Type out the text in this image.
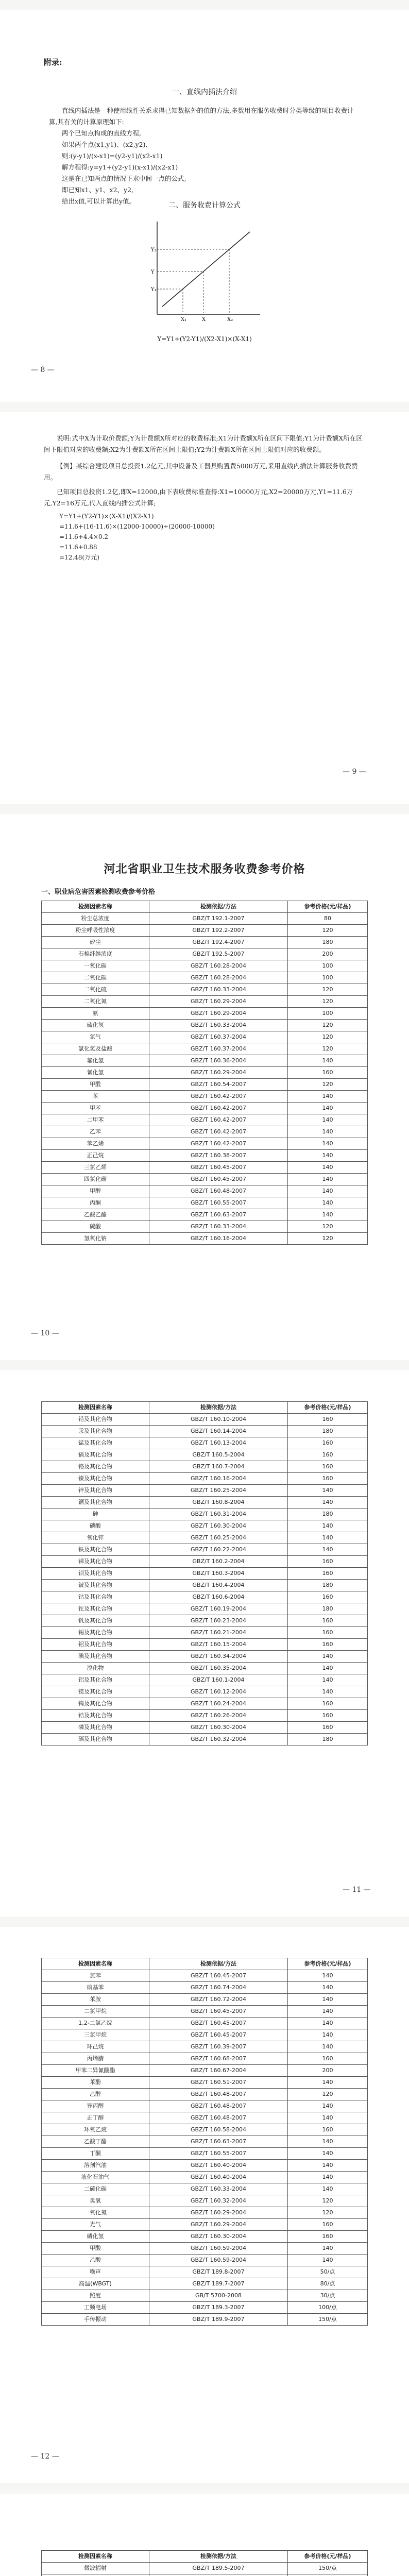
附录:

一、直线内插法介绍

直线内插法是一种使用线性关系求得已知数据外的值的方法,多数用在服务收费时分类等级的项目收费计算,其有关的计算原理如下:

两个已知点构成的直线方程,

如果两个点(x1,y1)、(x2,y2),

则:(y-y1)/(x-x1)=(y2-y1)/(x2-x1)

解方程得:y=y1+(y2-y1)(x-x1)/(x2-x1)

这是在已知两点的情况下求中间一点的公式,

即已知x1、y1、x2、y2,

给出x值,可以计算出y值。

二、服务收费计算公式

Y₁
Y
Y₂
X₁	X	X₂

Y=Y1+(Y2-Y1)/(X2-X1)×(X-X1)

— 8 —

说明:式中X为计取价费额;Y为计费额X所对应的收费标准;X1为计费额X所在区间下限值;Y1为计费额X所在区间下限值对应的收费额;X2为计费额X所在区间上限值;Y2为计费额X所在区间上限值对应的收费额。

【例】某综合建设项目总投资1.2亿元,其中设备及工器具购置费5000万元,采用直线内插法计算服务收费费用。

已知项目总投资1.2亿,即X=12000,由下表收费标准查得:X1=10000万元,X2=20000万元,Y1=11.6万元,Y2=16万元,代入直线内插公式计算;

Y=Y1+(Y2-Y1)×(X-X1)/(X2-X1)

=11.6+(16-11.6)×(12000-10000)÷(20000-10000)

=11.6+4.4×0.2

=11.6+0.88

=12.48(万元)

— 9 —

河北省职业卫生技术服务收费参考价格

一、职业病危害因素检测收费参考价格

检测因素名称	检测依据/方法	参考价格(元/样品)
粉尘总浓度	GBZ/T 192.1-2007	80
粉尘呼吸性浓度	GBZ/T 192.2-2007	120
矽尘	GBZ/T 192.4-2007	180
石棉纤维浓度	GBZ/T 192.5-2007	200
一氧化碳	GBZ/T 160.28-2004	100
二氧化碳	GBZ/T 160.28-2004	100
二氧化硫	GBZ/T 160.33-2004	120
二氧化氮	GBZ/T 160.29-2004	120
氨	GBZ/T 160.29-2004	100
硫化氢	GBZ/T 160.33-2004	120
氯气	GBZ/T 160.37-2004	120
氯化氢及盐酸	GBZ/T 160.37-2004	120
氟化氢	GBZ/T 160.36-2004	140
氰化氢	GBZ/T 160.29-2004	160
甲醛	GBZ/T 160.54-2007	120
苯	GBZ/T 160.42-2007	140
甲苯	GBZ/T 160.42-2007	140
二甲苯	GBZ/T 160.42-2007	140
乙苯	GBZ/T 160.42-2007	140
苯乙烯	GBZ/T 160.42-2007	140
正己烷	GBZ/T 160.38-2007	140
三氯乙烯	GBZ/T 160.45-2007	140
四氯化碳	GBZ/T 160.45-2007	140
甲醇	GBZ/T 160.48-2007	140
丙酮	GBZ/T 160.55-2007	140
乙酸乙酯	GBZ/T 160.63-2007	140
硫酸	GBZ/T 160.33-2004	120
氢氧化钠	GBZ/T 160.16-2004	120
— 10 —
检测因素名称	检测依据/方法	参考价格(元/样品)
铅及其化合物	GBZ/T 160.10-2004	160
汞及其化合物	GBZ/T 160.14-2004	180
锰及其化合物	GBZ/T 160.13-2004	160
镉及其化合物	GBZ/T 160.5-2004	160
铬及其化合物	GBZ/T 160.7-2004	160
镍及其化合物	GBZ/T 160.16-2004	160
锌及其化合物	GBZ/T 160.25-2004	140
铜及其化合物	GBZ/T 160.8-2004	140
砷	GBZ/T 160.31-2004	180
磷酸	GBZ/T 160.30-2004	140
氧化锌	GBZ/T 160.25-2004	140
铁及其化合物	GBZ/T 160.22-2004	140
锑及其化合物	GBZ/T 160.2-2004	160
钡及其化合物	GBZ/T 160.3-2004	160
铍及其化合物	GBZ/T 160.4-2004	180
钴及其化合物	GBZ/T 160.6-2004	160
铊及其化合物	GBZ/T 160.19-2004	180
钒及其化合物	GBZ/T 160.23-2004	160
锡及其化合物	GBZ/T 160.21-2004	160
钼及其化合物	GBZ/T 160.15-2004	160
碘及其化合物	GBZ/T 160.34-2004	140
溴化物	GBZ/T 160.35-2004	140
铝及其化合物	GBZ/T 160.1-2004	140
镁及其化合物	GBZ/T 160.12-2004	140
钨及其化合物	GBZ/T 160.24-2004	160
锆及其化合物	GBZ/T 160.26-2004	160
磷及其化合物	GBZ/T 160.30-2004	160
硒及其化合物	GBZ/T 160.32-2004	180
— 11 —
检测因素名称	检测依据/方法	参考价格(元/样品)
氯苯	GBZ/T 160.45-2007	140
硝基苯	GBZ/T 160.74-2004	140
苯胺	GBZ/T 160.72-2004	140
二氯甲烷	GBZ/T 160.45-2007	140
1,2-二氯乙烷	GBZ/T 160.45-2007	140
三氯甲烷	GBZ/T 160.45-2007	140
环己烷	GBZ/T 160.39-2007	140
丙烯腈	GBZ/T 160.68-2007	160
甲苯二异氰酸酯	GBZ/T 160.67-2004	200
苯酚	GBZ/T 160.51-2007	140
乙醇	GBZ/T 160.48-2007	120
异丙醇	GBZ/T 160.48-2007	140
正丁醇	GBZ/T 160.48-2007	140
环氧乙烷	GBZ/T 160.58-2004	160
乙酸丁酯	GBZ/T 160.63-2007	140
丁酮	GBZ/T 160.55-2007	140
溶剂汽油	GBZ/T 160.40-2004	140
液化石油气	GBZ/T 160.40-2004	140
二硫化碳	GBZ/T 160.33-2004	140
臭氧	GBZ/T 160.32-2004	120
一氧化氮	GBZ/T 160.29-2004	120
光气	GBZ/T 160.29-2004	160
磷化氢	GBZ/T 160.30-2004	160
甲酸	GBZ/T 160.59-2004	140
乙酸	GBZ/T 160.59-2004	140
噪声	GBZ/T 189.8-2007	50/点
高温(WBGT)	GBZ/T 189.7-2007	80/点
照度	GB/T 5700-2008	30/点
工频电场	GBZ/T 189.3-2007	100/点
手传振动	GBZ/T 189.9-2007	150/点
— 12 —
检测因素名称	检测依据/方法	参考价格(元/样品)
微波辐射	GBZ/T 189.5-2007	150/点
